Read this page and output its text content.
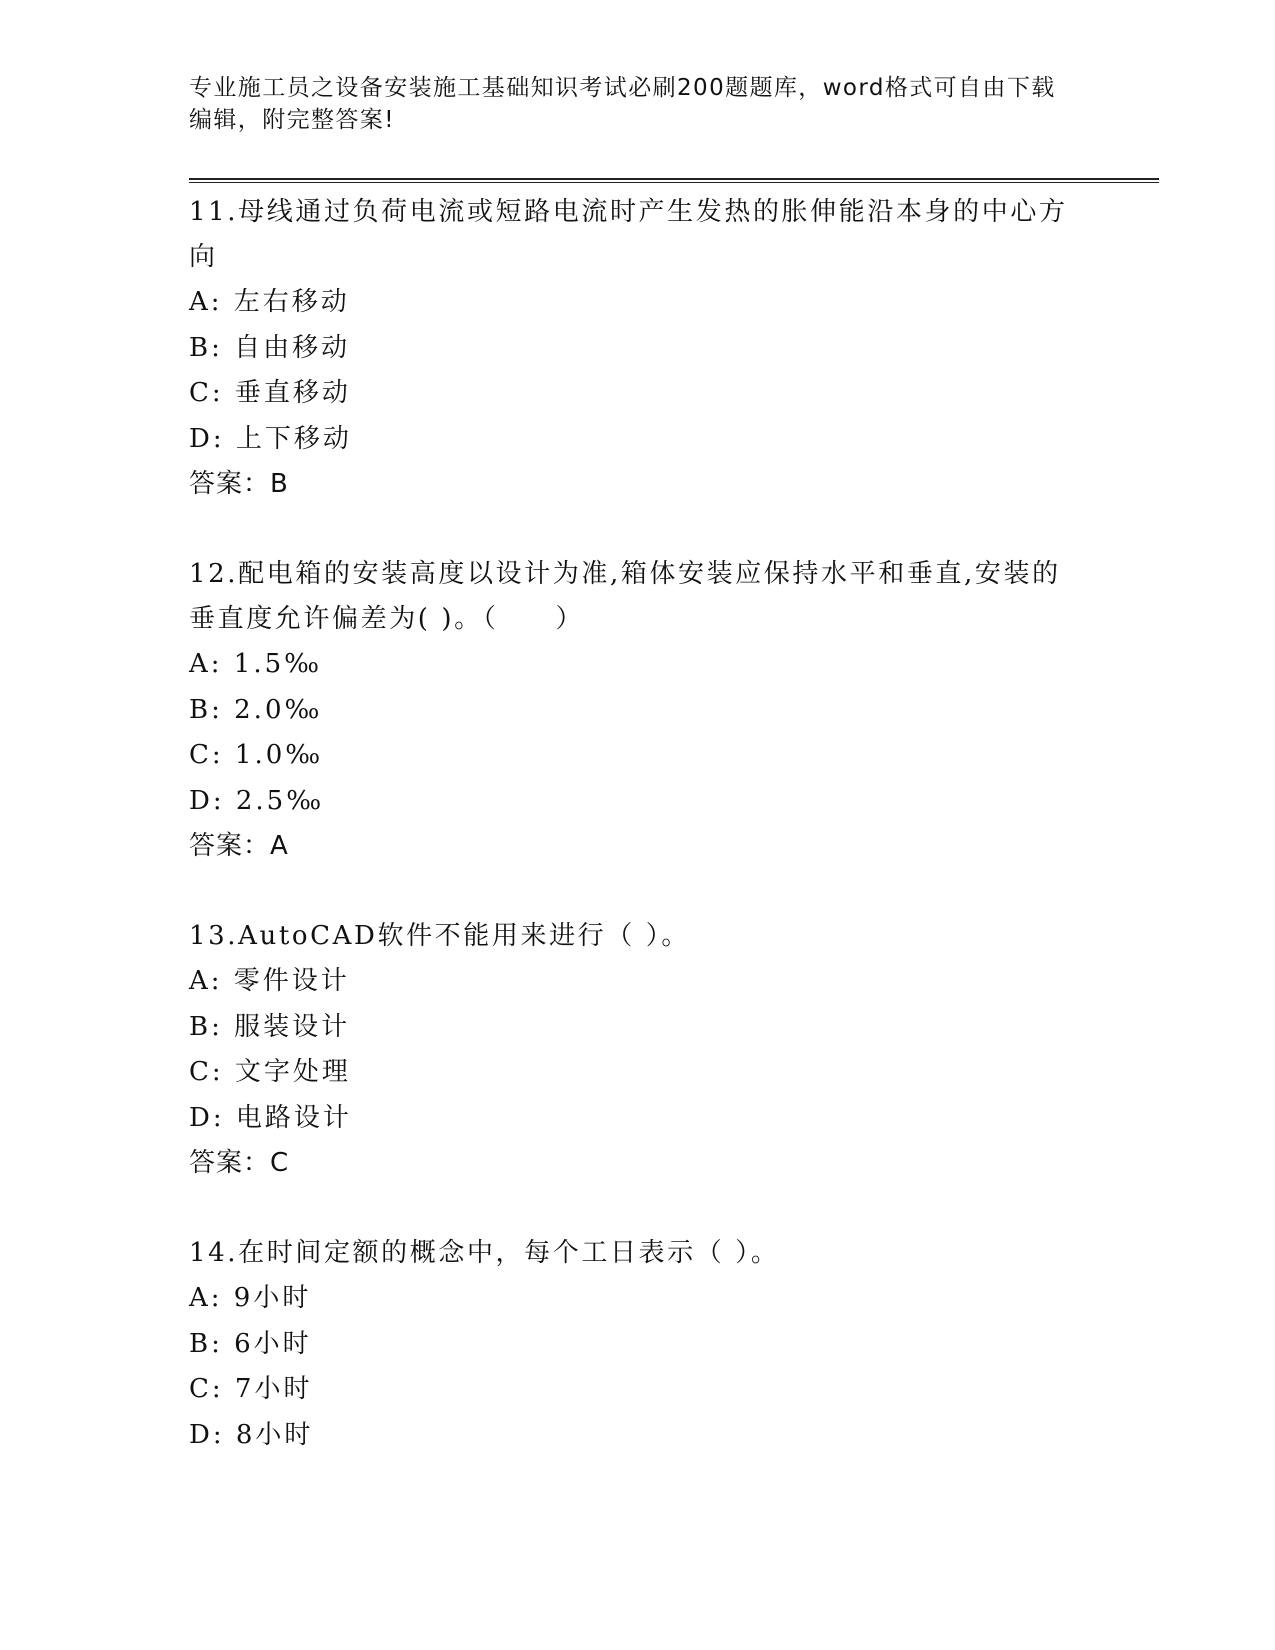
专业施工员之设备安装施工基础知识考试必刷200题题库，word格式可自由下载编辑，附完整答案!

11.母线通过负荷电流或短路电流时产生发热的胀伸能沿本身的中心方向

A: 左右移动

B: 自由移动

C: 垂直移动

D: 上下移动

答案：B

12.配电箱的安装高度以设计为准,箱体安装应保持水平和垂直,安装的垂直度允许偏差为( )。（　　）

A: 1.5‰

B: 2.0‰

C: 1.0‰

D: 2.5‰

答案：A

13.AutoCAD软件不能用来进行（ ）。

A: 零件设计

B: 服装设计

C: 文字处理

D: 电路设计

答案：C

14.在时间定额的概念中，每个工日表示（ ）。

A: 9小时

B: 6小时

C: 7小时

D: 8小时
